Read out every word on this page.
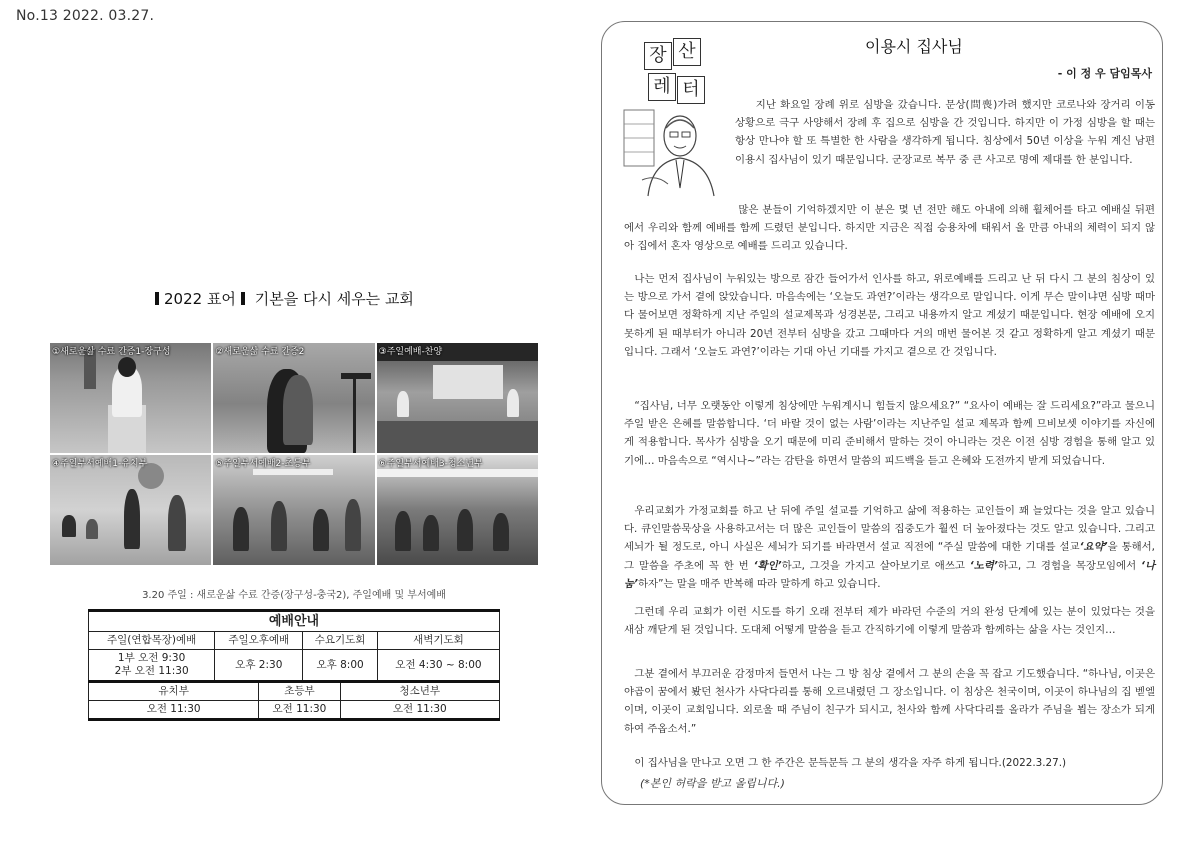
No.13 2022. 03.27.
2022 표어 기본을 다시 세우는 교회
①새로운삶 수료 간증1-장구성	②새로운삶 수료 간증2	③주일예배-찬양
④주일부서예배1-유치부	⑤주일부서예배2-초등부	⑥주일부서예배3-청소년부
3.20 주일 : 새로운삶 수료 간증(장구성-충국2), 주일예배 및 부서예배
예배안내					
주일(연합목장)예배	주일오후예배		수요기도회		새벽기도회

1부 오전 9:30
2부 오전 11:30	오후 2:30		오후 8:00		오전 4:30 ~ 8:00
유치부		초등부		청소년부	
오전 11:30		오전 11:30		오전 11:30	
장 산
레 터
이용시 집사님
- 이 정 우 담임목사
지난 화요일 장례 위로 심방을 갔습니다. 문상(問喪)가려 했지만 코로나와 장거리 이동 상황으로 극구 사양해서 장례 후 집으로 심방을 간 것입니다. 하지만 이 가정 심방을 할 때는 항상 만나야 할 또 특별한 한 사람을 생각하게 됩니다. 침상에서 50년 이상을 누워 계신 남편 이용시 집사님이 있기 때문입니다. 군장교로 복무 중 큰 사고로 명예 제대를 한 분입니다.
많은 분들이 기억하겠지만 이 분은 몇 년 전만 해도 아내에 의해 휠체어를 타고 예배실 뒤편에서 우리와 함께 예배를 함께 드렸던 분입니다. 하지만 지금은 직접 승용차에 태워서 올 만큼 아내의 체력이 되지 않아 집에서 혼자 영상으로 예배를 드리고 있습니다.
나는 먼저 집사님이 누워있는 방으로 잠간 들어가서 인사를 하고, 위로예배를 드리고 난 뒤 다시 그 분의 침상이 있는 방으로 가서 곁에 앉았습니다. 마음속에는 ‘오늘도 과연?’이라는 생각으로 말입니다. 이게 무슨 말이냐면 심방 때마다 물어보면 정확하게 지난 주일의 설교제목과 성경본문, 그리고 내용까지 알고 계셨기 때문입니다. 현장 예배에 오지 못하게 된 때부터가 아니라 20년 전부터 심방을 갔고 그때마다 거의 매번 물어본 것 같고 정확하게 알고 계셨기 때문입니다. 그래서 ‘오늘도 과연?’이라는 기대 아닌 기대를 가지고 곁으로 간 것입니다.
“집사님, 너무 오랫동안 이렇게 침상에만 누워계시니 힘들지 않으세요?” “요사이 예배는 잘 드리세요?”라고 물으니 주일 받은 은혜를 말씀합니다. ‘더 바랄 것이 없는 사람’이라는 지난주일 설교 제목과 함께 므비보셋 이야기를 자신에게 적용합니다. 목사가 심방을 오기 때문에 미리 준비해서 말하는 것이 아니라는 것은 이전 심방 경험을 통해 알고 있기에… 마음속으로 “역시나~”라는 감탄을 하면서 말씀의 피드백을 듣고 은혜와 도전까지 받게 되었습니다.
우리교회가 가정교회를 하고 난 뒤에 주일 설교를 기억하고 삶에 적용하는 교인들이 꽤 늘었다는 것을 알고 있습니다. 큐인말씀묵상을 사용하고서는 더 많은 교인들이 말씀의 집중도가 훨씬 더 높아졌다는 것도 알고 있습니다. 그리고 세뇌가 될 정도로, 아니 사실은 세뇌가 되기를 바라면서 설교 직전에 “주실 말씀에 대한 기대를 설교‘요약’을 통해서, 그 말씀을 주초에 꼭 한 번 ‘확인’하고, 그것을 가지고 살아보기로 애쓰고 ‘노력’하고, 그 경험을 목장모임에서 ‘나눔’하자”는 말을 매주 반복해 따라 말하게 하고 있습니다.
그런데 우리 교회가 이런 시도를 하기 오래 전부터 제가 바라던 수준의 거의 완성 단계에 있는 분이 있었다는 것을 새삼 깨닫게 된 것입니다. 도대체 어떻게 말씀을 듣고 간직하기에 이렇게 말씀과 함께하는 삶을 사는 것인지…
그분 곁에서 부끄러운 감정마저 들면서 나는 그 방 침상 곁에서 그 분의 손을 꼭 잡고 기도했습니다. “하나님, 이곳은 야곱이 꿈에서 봤던 천사가 사닥다리를 통해 오르내렸던 그 장소입니다. 이 침상은 천국이며, 이곳이 하나님의 집 벧엘이며, 이곳이 교회입니다. 외로울 때 주님이 친구가 되시고, 천사와 함께 사닥다리를 올라가 주님을 뵙는 장소가 되게 하여 주옵소서.”
이 집사님을 만나고 오면 그 한 주간은 문득문득 그 분의 생각을 자주 하게 됩니다.(2022.3.27.)
(*본인 허락을 받고 올립니다.)
